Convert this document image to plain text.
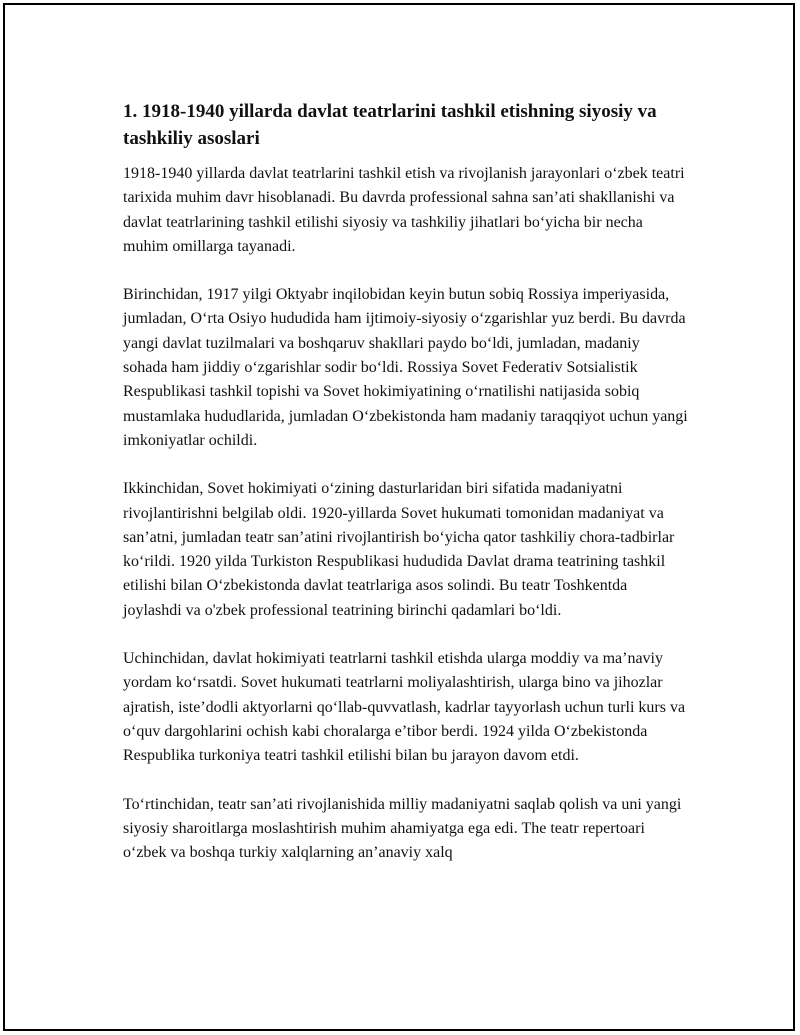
1. 1918-1940 yillarda davlat teatrlarini tashkil etishning siyosiy va tashkiliy asoslari

1918-1940 yillarda davlat teatrlarini tashkil etish va rivojlanish jarayonlari o‘zbek teatri tarixida muhim davr hisoblanadi. Bu davrda professional sahna san’ati shakllanishi va davlat teatrlarining tashkil etilishi siyosiy va tashkiliy jihatlari bo‘yicha bir necha muhim omillarga tayanadi.

Birinchidan, 1917 yilgi Oktyabr inqilobidan keyin butun sobiq Rossiya imperiyasida, jumladan, O‘rta Osiyo hududida ham ijtimoiy-siyosiy o‘zgarishlar yuz berdi. Bu davrda yangi davlat tuzilmalari va boshqaruv shakllari paydo bo‘ldi, jumladan, madaniy sohada ham jiddiy o‘zgarishlar sodir bo‘ldi. Rossiya Sovet Federativ Sotsialistik Respublikasi tashkil topishi va Sovet hokimiyatining o‘rnatilishi natijasida sobiq mustamlaka hududlarida, jumladan O‘zbekistonda ham madaniy taraqqiyot uchun yangi imkoniyatlar ochildi.

Ikkinchidan, Sovet hokimiyati o‘zining dasturlaridan biri sifatida madaniyatni rivojlantirishni belgilab oldi. 1920-yillarda Sovet hukumati tomonidan madaniyat va san’atni, jumladan teatr san’atini rivojlantirish bo‘yicha qator tashkiliy chora-tadbirlar ko‘rildi. 1920 yilda Turkiston Respublikasi hududida Davlat drama teatrining tashkil etilishi bilan O‘zbekistonda davlat teatrlariga asos solindi. Bu teatr Toshkentda joylashdi va o'zbek professional teatrining birinchi qadamlari bo‘ldi.

Uchinchidan, davlat hokimiyati teatrlarni tashkil etishda ularga moddiy va ma’naviy yordam ko‘rsatdi. Sovet hukumati teatrlarni moliyalashtirish, ularga bino va jihozlar ajratish, iste’dodli aktyorlarni qo‘llab-quvvatlash, kadrlar tayyorlash uchun turli kurs va o‘quv dargohlarini ochish kabi choralarga e’tibor berdi. 1924 yilda O‘zbekistonda Respublika turkoniya teatri tashkil etilishi bilan bu jarayon davom etdi.

To‘rtinchidan, teatr san’ati rivojlanishida milliy madaniyatni saqlab qolish va uni yangi siyosiy sharoitlarga moslashtirish muhim ahamiyatga ega edi. The teatr repertoari o‘zbek va boshqa turkiy xalqlarning an’anaviy xalq
